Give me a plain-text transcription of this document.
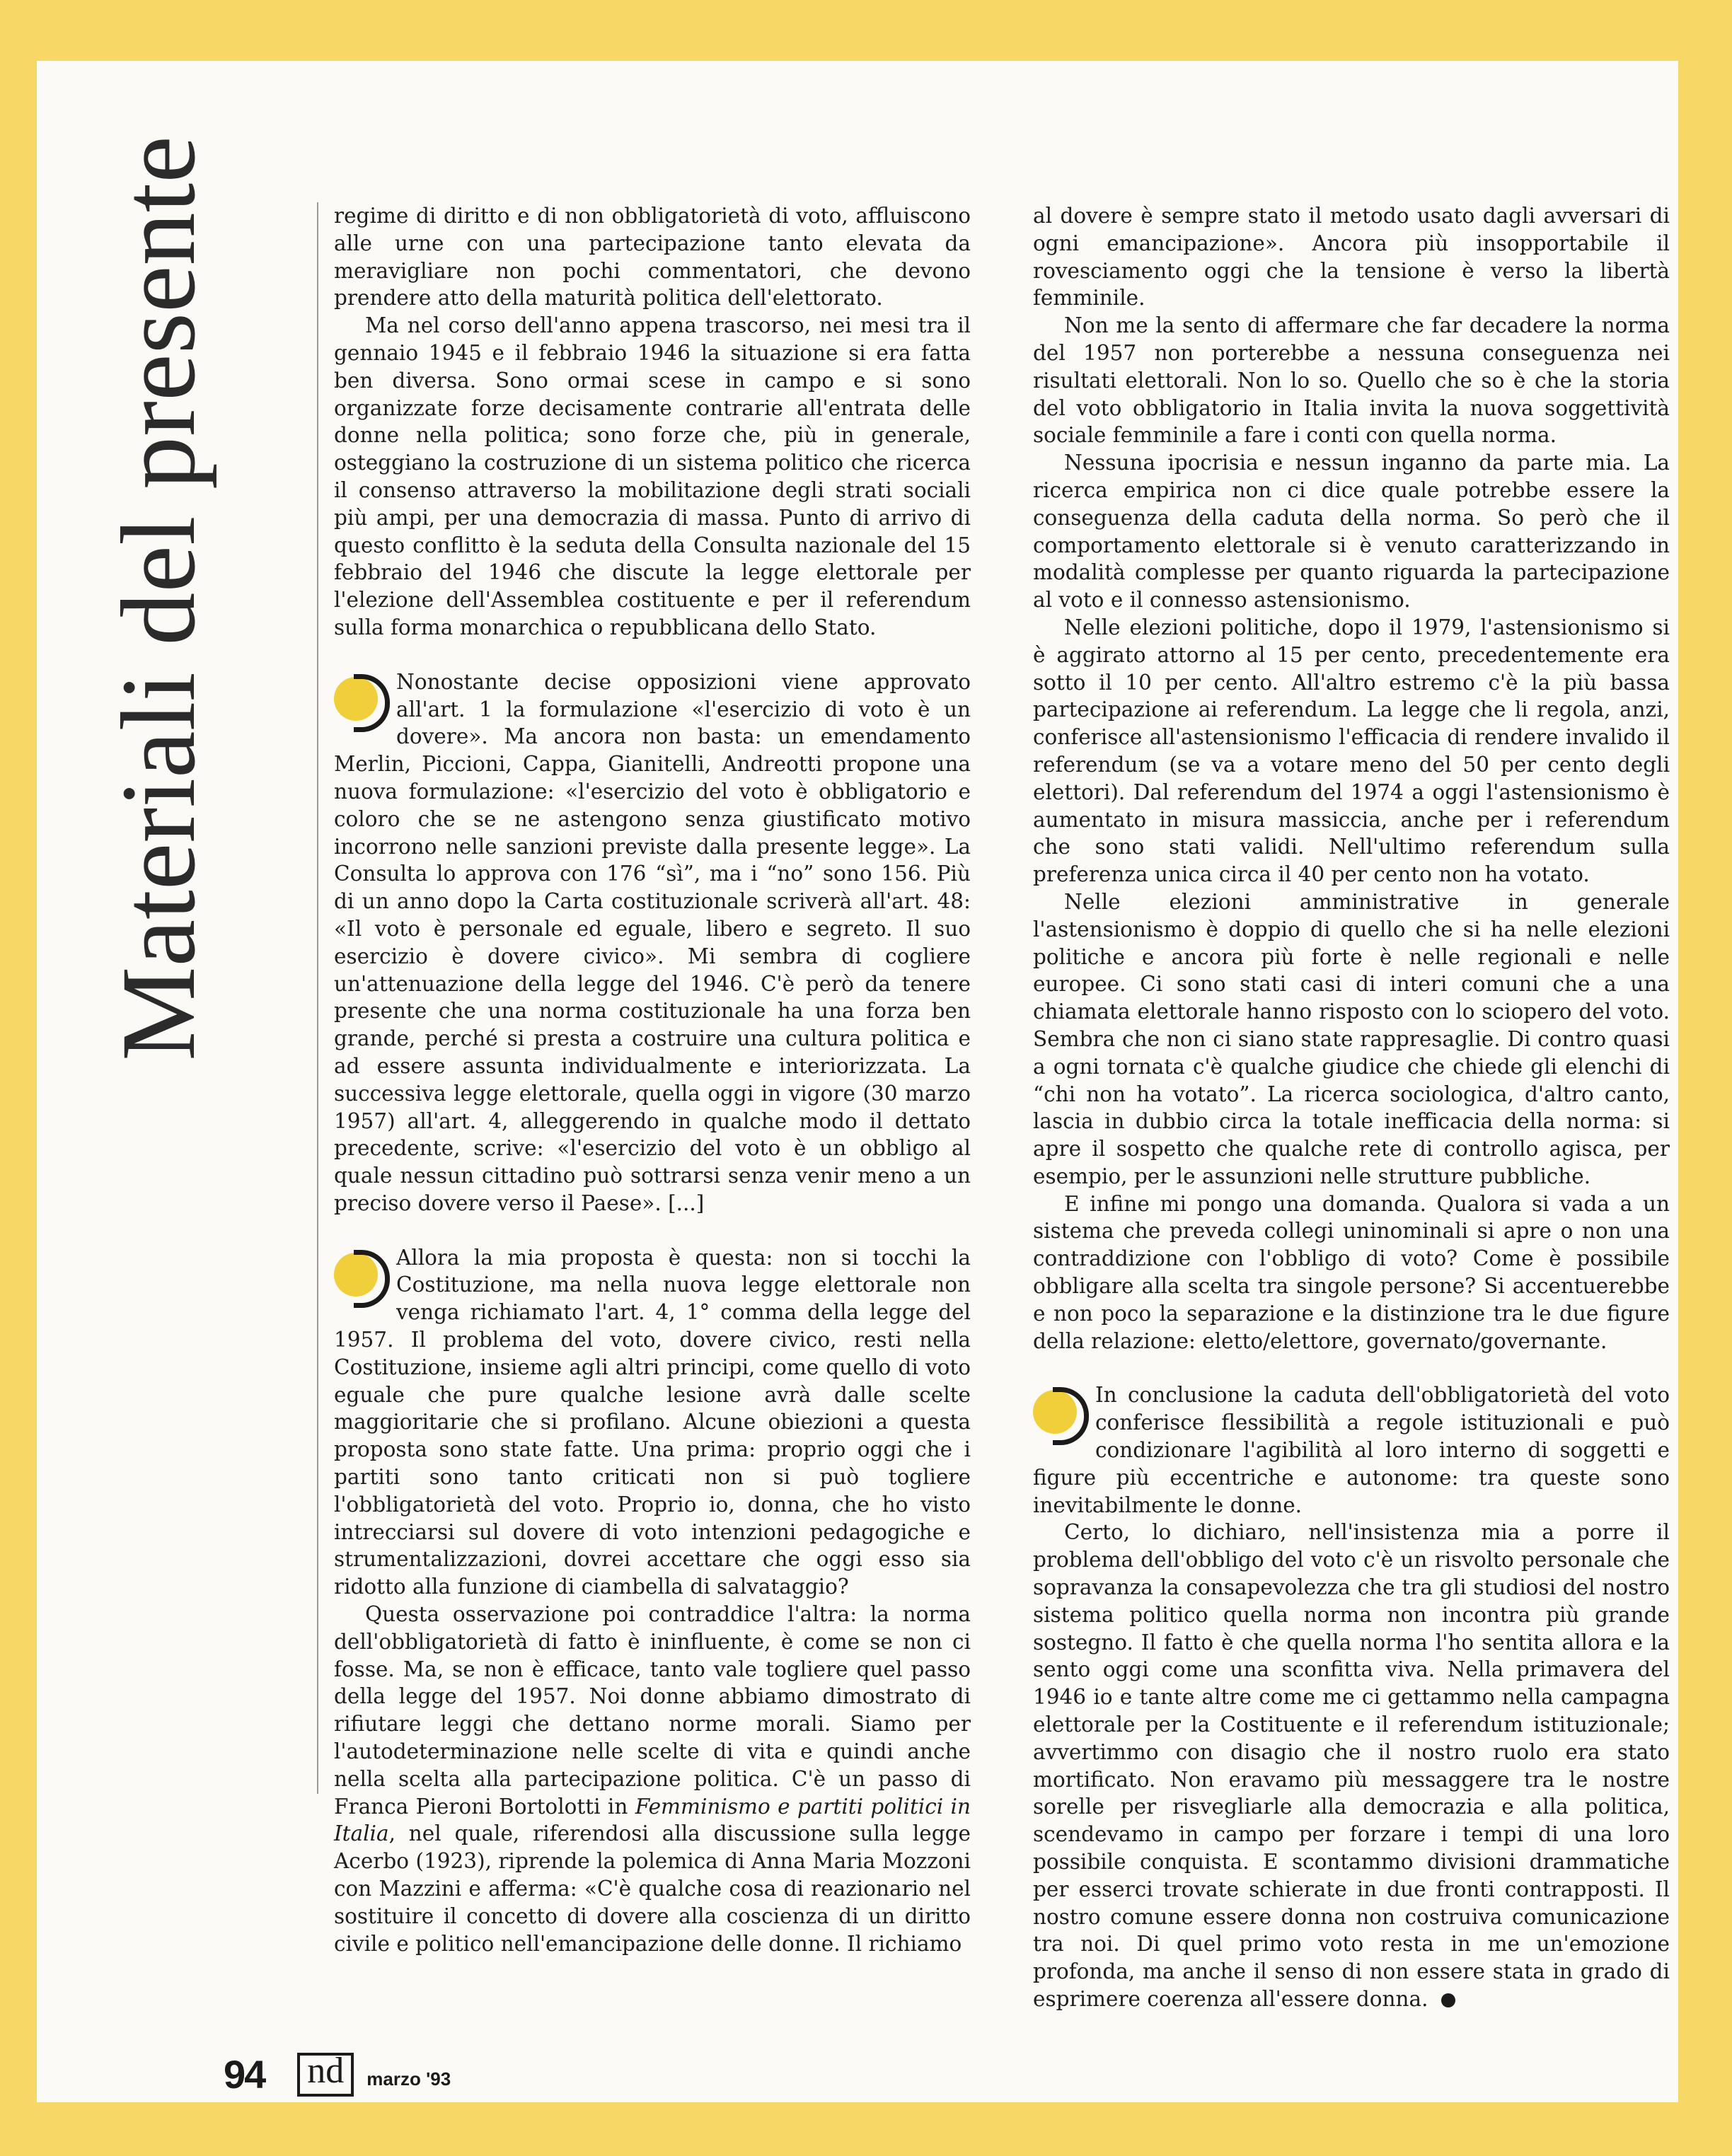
Materiali del presente	regime di diritto e di non obbligatorietà di voto, affluiscono alle urne con una partecipazione tanto elevata da meravigliare non pochi commentatori, che devono prendere atto della maturità politica dell'elettorato.

Ma nel corso dell'anno appena trascorso, nei mesi tra il gennaio 1945 e il febbraio 1946 la situazione si era fatta ben diversa. Sono ormai scese in campo e si sono organizzate forze decisamente contrarie all'entrata delle donne nella politica; sono forze che, più in generale, osteggiano la costruzione di un sistema politico che ricerca il consenso attraverso la mobilitazione degli strati sociali più ampi, per una democrazia di massa. Punto di arrivo di questo conflitto è la seduta della Consulta nazionale del 15 febbraio del 1946 che discute la legge elettorale per l'elezione dell'Assemblea costituente e per il referendum sulla forma monarchica o repubblicana dello Stato.

Nonostante decise opposizioni viene approvato all'art. 1 la formulazione «l'esercizio di voto è un dovere». Ma ancora non basta: un emendamento Merlin, Piccioni, Cappa, Gianitelli, Andreotti propone una nuova formulazione: «l'esercizio del voto è obbligatorio e coloro che se ne astengono senza giustificato motivo incorrono nelle sanzioni previste dalla presente legge». La Consulta lo approva con 176 “sì”, ma i “no” sono 156. Più di un anno dopo la Carta costituzionale scriverà all'art. 48: «Il voto è personale ed eguale, libero e segreto. Il suo esercizio è dovere civico». Mi sembra di cogliere un'attenuazione della legge del 1946. C'è però da tenere presente che una norma costituzionale ha una forza ben grande, perché si presta a costruire una cultura politica e ad essere assunta individualmente e interiorizzata. La successiva legge elettorale, quella oggi in vigore (30 marzo 1957) all'art. 4, alleggerendo in qualche modo il dettato precedente, scrive: «l'esercizio del voto è un obbligo al quale nessun cittadino può sottrarsi senza venir meno a un preciso dovere verso il Paese». [...]

Allora la mia proposta è questa: non si tocchi la Costituzione, ma nella nuova legge elettorale non venga richiamato l'art. 4, 1° comma della legge del 1957. Il problema del voto, dovere civico, resti nella Costituzione, insieme agli altri principi, come quello di voto eguale che pure qualche lesione avrà dalle scelte maggioritarie che si profilano. Alcune obiezioni a questa proposta sono state fatte. Una prima: proprio oggi che i partiti sono tanto criticati non si può togliere l'obbligatorietà del voto. Proprio io, donna, che ho visto intrecciarsi sul dovere di voto intenzioni pedagogiche e strumentalizzazioni, dovrei accettare che oggi esso sia ridotto alla funzione di ciambella di salvataggio?

Questa osservazione poi contraddice l'altra: la norma dell'obbligatorietà di fatto è ininfluente, è come se non ci fosse. Ma, se non è efficace, tanto vale togliere quel passo della legge del 1957. Noi donne abbiamo dimostrato di rifiutare leggi che dettano norme morali. Siamo per l'autodeterminazione nelle scelte di vita e quindi anche nella scelta alla partecipazione politica. C'è un passo di Franca Pieroni Bortolotti in Femminismo e partiti politici in Italia, nel quale, riferendosi alla discussione sulla legge Acerbo (1923), riprende la polemica di Anna Maria Mozzoni con Mazzini e afferma: «C'è qualche cosa di reazionario nel sostituire il concetto di dovere alla coscienza di un diritto civile e politico nell'emancipazione delle donne. Il richiamo

al dovere è sempre stato il metodo usato dagli avversari di ogni emancipazione». Ancora più insopportabile il rovesciamento oggi che la tensione è verso la libertà femminile.

Non me la sento di affermare che far decadere la norma del 1957 non porterebbe a nessuna conseguenza nei risultati elettorali. Non lo so. Quello che so è che la storia del voto obbligatorio in Italia invita la nuova soggettività sociale femminile a fare i conti con quella norma.

Nessuna ipocrisia e nessun inganno da parte mia. La ricerca empirica non ci dice quale potrebbe essere la conseguenza della caduta della norma. So però che il comportamento elettorale si è venuto caratterizzando in modalità complesse per quanto riguarda la partecipazione al voto e il connesso astensionismo.

Nelle elezioni politiche, dopo il 1979, l'astensionismo si è aggirato attorno al 15 per cento, precedentemente era sotto il 10 per cento. All'altro estremo c'è la più bassa partecipazione ai referendum. La legge che li regola, anzi, conferisce all'astensionismo l'efficacia di rendere invalido il referendum (se va a votare meno del 50 per cento degli elettori). Dal referendum del 1974 a oggi l'astensionismo è aumentato in misura massiccia, anche per i referendum che sono stati validi. Nell'ultimo referendum sulla preferenza unica circa il 40 per cento non ha votato.

Nelle elezioni amministrative in generale l'astensionismo è doppio di quello che si ha nelle elezioni politiche e ancora più forte è nelle regionali e nelle europee. Ci sono stati casi di interi comuni che a una chiamata elettorale hanno risposto con lo sciopero del voto. Sembra che non ci siano state rappresaglie. Di contro quasi a ogni tornata c'è qualche giudice che chiede gli elenchi di “chi non ha votato”. La ricerca sociologica, d'altro canto, lascia in dubbio circa la totale inefficacia della norma: si apre il sospetto che qualche rete di controllo agisca, per esempio, per le assunzioni nelle strutture pubbliche.

E infine mi pongo una domanda. Qualora si vada a un sistema che preveda collegi uninominali si apre o non una contraddizione con l'obbligo di voto? Come è possibile obbligare alla scelta tra singole persone? Si accentuerebbe e non poco la separazione e la distinzione tra le due figure della relazione: eletto/elettore, governato/governante.

In conclusione la caduta dell'obbligatorietà del voto conferisce flessibilità a regole istituzionali e può condizionare l'agibilità al loro interno di soggetti e figure più eccentriche e autonome: tra queste sono inevitabilmente le donne.

Certo, lo dichiaro, nell'insistenza mia a porre il problema dell'obbligo del voto c'è un risvolto personale che sopravanza la consapevolezza che tra gli studiosi del nostro sistema politico quella norma non incontra più grande sostegno. Il fatto è che quella norma l'ho sentita allora e la sento oggi come una sconfitta viva. Nella primavera del 1946 io e tante altre come me ci gettammo nella campagna elettorale per la Costituente e il referendum istituzionale; avvertimmo con disagio che il nostro ruolo era stato mortificato. Non eravamo più messaggere tra le nostre sorelle per risvegliarle alla democrazia e alla politica, scendevamo in campo per forzare i tempi di una loro possibile conquista. E scontammo divisioni drammatiche per esserci trovate schierate in due fronti contrapposti. Il nostro comune essere donna non costruiva comunicazione tra noi. Di quel primo voto resta in me un'emozione profonda, ma anche il senso di non essere stata in grado di esprimere coerenza all'essere donna.

94 nd	marzo '93
